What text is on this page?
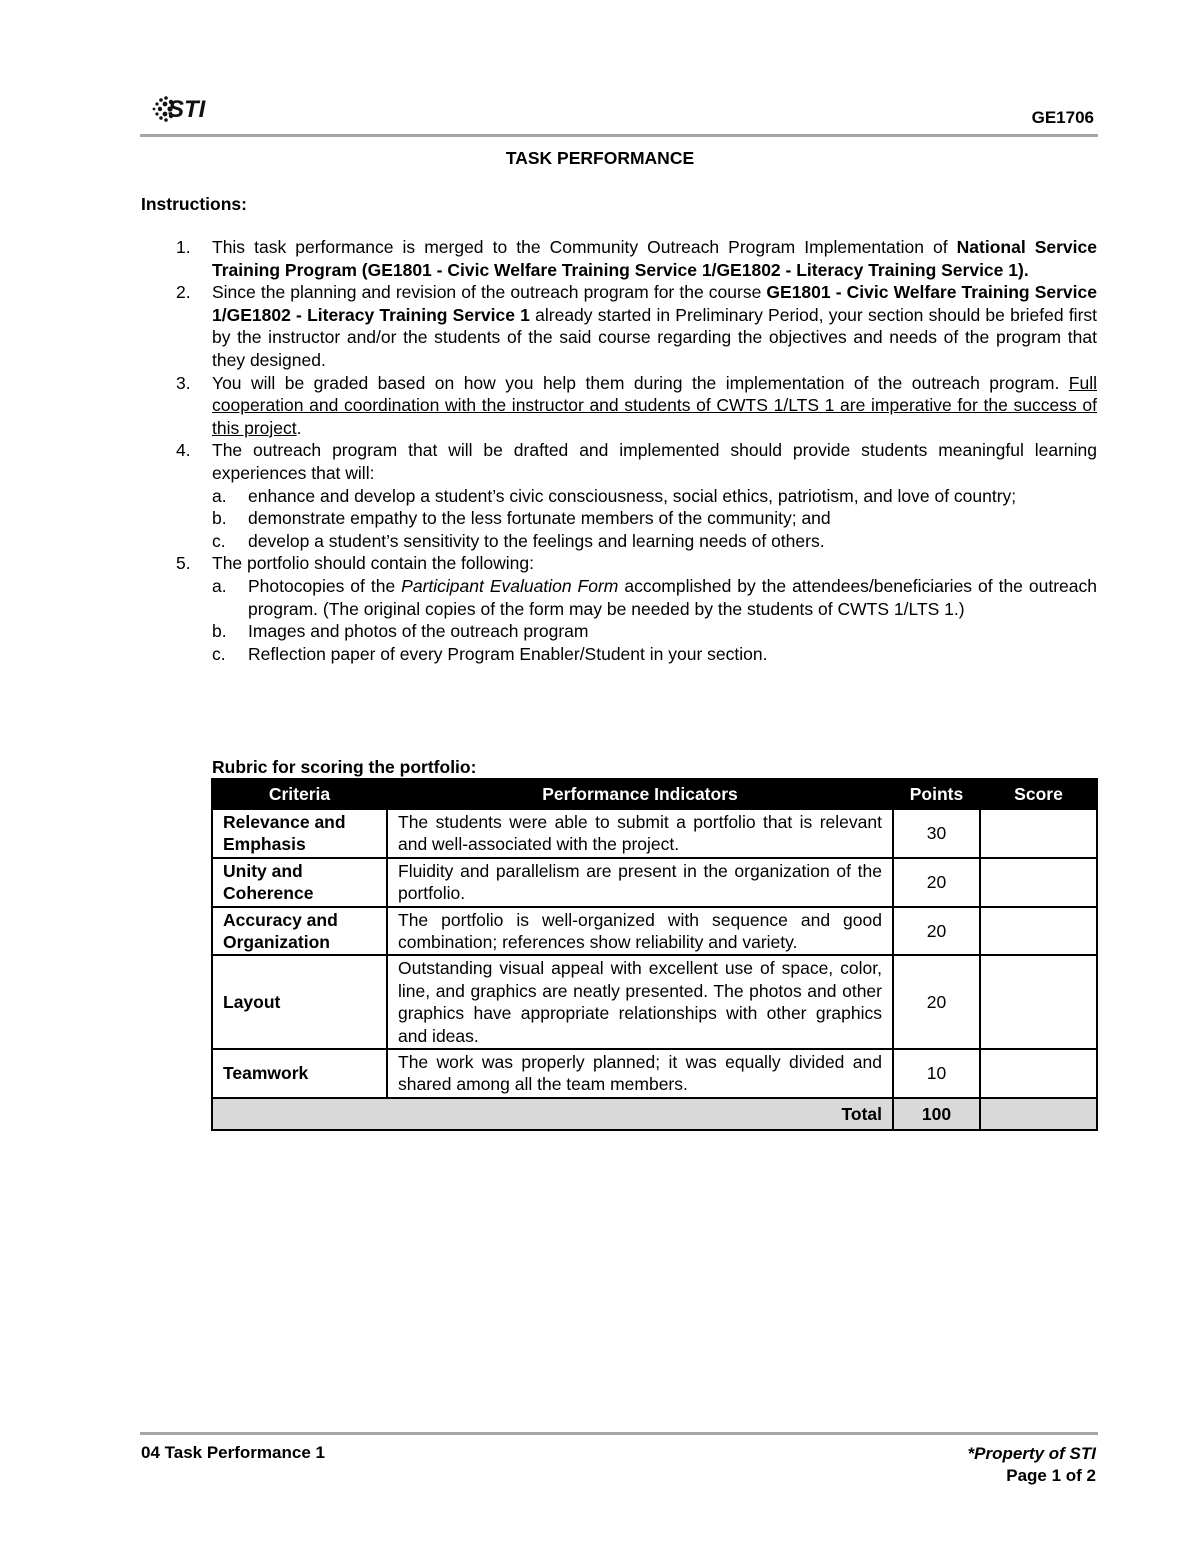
STI	GE1706
TASK PERFORMANCE
Instructions:
1. This task performance is merged to the Community Outreach Program Implementation of National Service Training Program (GE1801 - Civic Welfare Training Service 1/GE1802 - Literacy Training Service 1).
2. Since the planning and revision of the outreach program for the course GE1801 - Civic Welfare Training Service 1/GE1802 - Literacy Training Service 1 already started in Preliminary Period, your section should be briefed first by the instructor and/or the students of the said course regarding the objectives and needs of the program that they designed.
3. You will be graded based on how you help them during the implementation of the outreach program. Full cooperation and coordination with the instructor and students of CWTS 1/LTS 1 are imperative for the success of this project.
4. The outreach program that will be drafted and implemented should provide students meaningful learning experiences that will:
a. enhance and develop a student’s civic consciousness, social ethics, patriotism, and love of country;
b. demonstrate empathy to the less fortunate members of the community; and
c. develop a student’s sensitivity to the feelings and learning needs of others.
5. The portfolio should contain the following:
a. Photocopies of the Participant Evaluation Form accomplished by the attendees/beneficiaries of the outreach program. (The original copies of the form may be needed by the students of CWTS 1/LTS 1.)
b. Images and photos of the outreach program
c. Reflection paper of every Program Enabler/Student in your section.
Rubric for scoring the portfolio:
Criteria	Performance Indicators	Points	Score
Relevance and Emphasis	The students were able to submit a portfolio that is relevant and well-associated with the project.	30	
Unity and Coherence	Fluidity and parallelism are present in the organization of the portfolio.	20	
Accuracy and Organization	The portfolio is well-organized with sequence and good combination; references show reliability and variety.	20	
Layout	Outstanding visual appeal with excellent use of space, color, line, and graphics are neatly presented. The photos and other graphics have appropriate relationships with other graphics and ideas.	20	
Teamwork	The work was properly planned; it was equally divided and shared among all the team members.	10	
Total		100	
04 Task Performance 1	*Property of STI
Page 1 of 2
